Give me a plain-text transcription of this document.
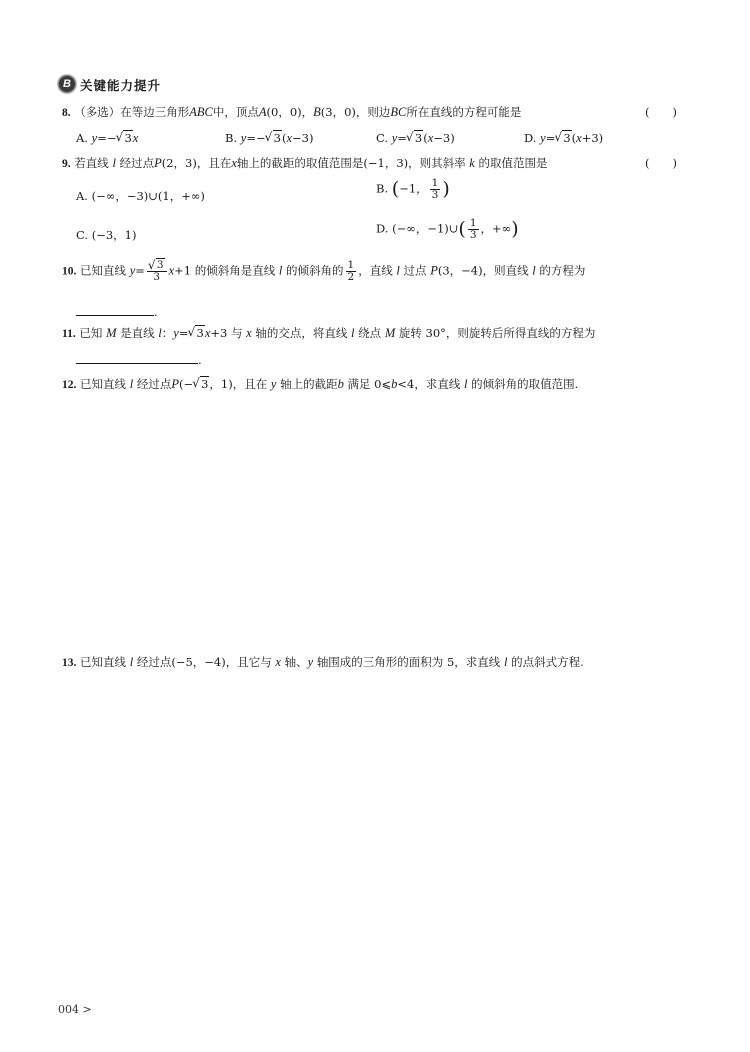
B 关键能力提升
8. （多选）在等边三角形ABC中，顶点A(0，0)，B(3，0)，则边BC所在直线的方程可能是	(　　)
A. y=− √ 3x	B. y=− √ 3(x−3)	C. y= √ 3(x−3)	D. y= √ 3(x+3)
9. 若直线 l 经过点P(2，3)，且在x轴上的截距的取值范围是(−1，3)，则其斜率 k 的取值范围是	(　　)
A. (−∞，−3)∪(1，+∞)
B. (−1， $\frac{1}{3}$ )
C. (−3，1)	D. (−∞，−1)∪( $\frac{1}{3}$ ，+∞)
10. 已知直线 y= √ $\frac{3}{3} x+1$ 的倾斜角是直线 l 的倾斜角的 $\frac{1}{2}$ ，直线 l 过点 P(3，−4)，则直线 l 的方程为
.
11. 已知 M 是直线 l：y= √ 3x+3 与 x 轴的交点，将直线 l 绕点 M 旋转 30°，则旋转后所得直线的方程为
.
12. 已知直线 l 经过点P(− √ 3，1)，且在 y 轴上的截距b 满足 0⩽b<4，求直线 l 的倾斜角的取值范围.
13. 已知直线 l 经过点(−5，−4)，且它与 x 轴、y 轴围成的三角形的面积为 5，求直线 l 的点斜式方程.
004 >
